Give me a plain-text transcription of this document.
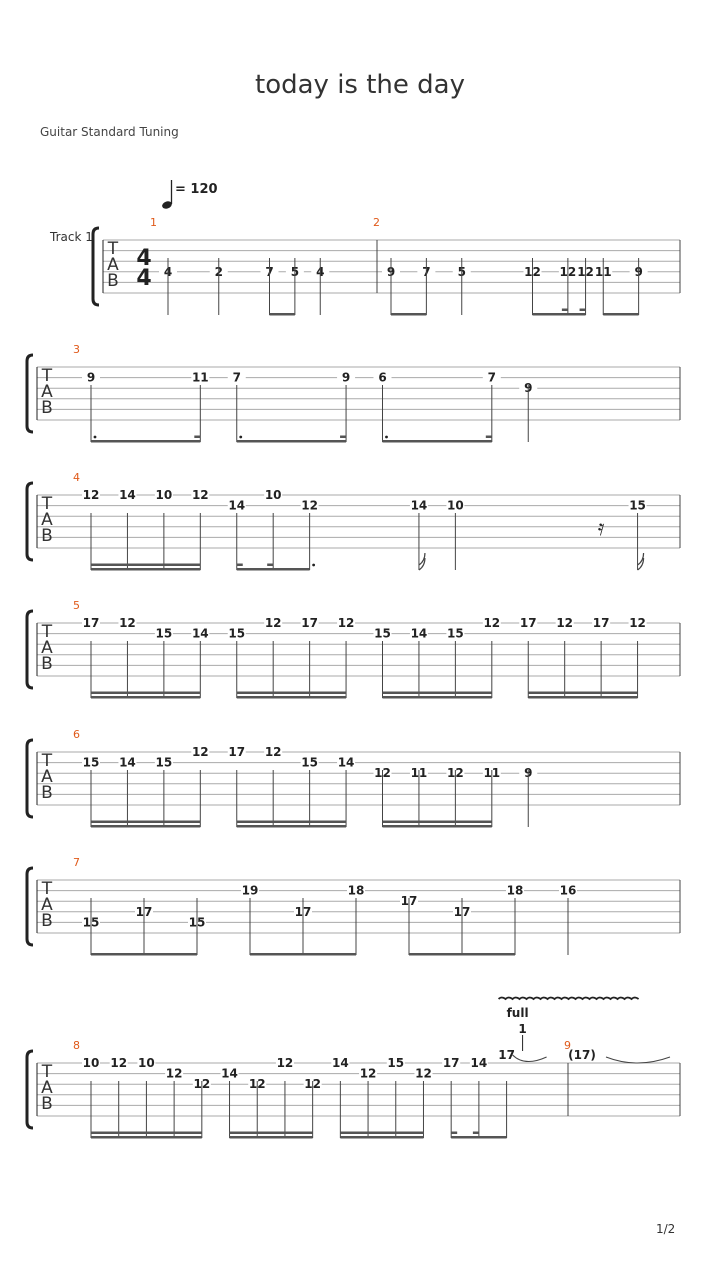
today is the day
Guitar Standard Tuning
1/2
T
A
B
Track 1
4
4
= 120
1
4	2	7 5 4
2
9 7 5	12 12 12 11 9
T
A
B
3
9	11 7	9 6	7
9
T
A
B
4
12 14 10 12
14
10
12	14 10
𝄿
15
T
A
B
5
17 12
15 14 15
12 17 12
15 14 15
12 17 12 17 12
T
A
B
6
15 14 15
12 17 12
15 14
12 11 12 11 9
T
A
B
7
15
17
15
19
17
18
17
17
18	16
T
A
B
8
10 12 10
12
12
14
12
12
12
14
12
15
12
17 14
17
1
full
9
(17)
